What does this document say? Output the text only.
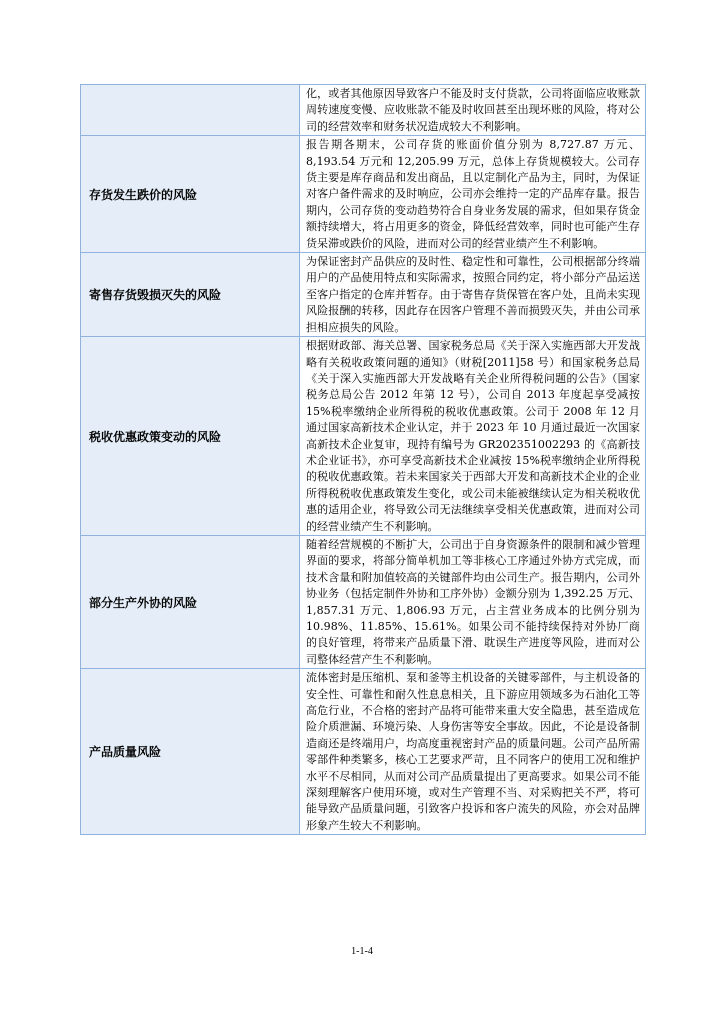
	化，或者其他原因导致客户不能及时支付货款，公司将面临应收账款周转速度变慢、应收账款不能及时收回甚至出现坏账的风险，将对公司的经营效率和财务状况造成较大不利影响。

存货发生跌价的风险	报告期各期末，公司存货的账面价值分别为 8,727.87 万元、8,193.54 万元和 12,205.99 万元，总体上存货规模较大。公司存货主要是库存商品和发出商品，且以定制化产品为主，同时，为保证对客户备件需求的及时响应，公司亦会维持一定的产品库存量。报告期内，公司存货的变动趋势符合自身业务发展的需求，但如果存货金额持续增大，将占用更多的资金，降低经营效率，同时也可能产生存货呆滞或跌价的风险，进而对公司的经营业绩产生不利影响。

寄售存货毁损灭失的风险	为保证密封产品供应的及时性、稳定性和可靠性，公司根据部分终端用户的产品使用特点和实际需求，按照合同约定，将小部分产品运送至客户指定的仓库并暂存。由于寄售存货保管在客户处，且尚未实现风险报酬的转移，因此存在因客户管理不善而损毁灭失，并由公司承担相应损失的风险。

税收优惠政策变动的风险	根据财政部、海关总署、国家税务总局《关于深入实施西部大开发战略有关税收政策问题的通知》（财税[2011]58 号）和国家税务总局《关于深入实施西部大开发战略有关企业所得税问题的公告》（国家税务总局公告 2012 年第 12 号），公司自 2013 年度起享受减按 15%税率缴纳企业所得税的税收优惠政策。公司于 2008 年 12 月通过国家高新技术企业认定，并于 2023 年 10 月通过最近一次国家高新技术企业复审，现持有编号为 GR202351002293 的《高新技术企业证书》，亦可享受高新技术企业减按 15%税率缴纳企业所得税的税收优惠政策。若未来国家关于西部大开发和高新技术企业的企业所得税税收优惠政策发生变化，或公司未能被继续认定为相关税收优惠的适用企业，将导致公司无法继续享受相关优惠政策，进而对公司的经营业绩产生不利影响。

部分生产外协的风险	随着经营规模的不断扩大，公司出于自身资源条件的限制和减少管理界面的要求，将部分简单机加工等非核心工序通过外协方式完成，而技术含量和附加值较高的关键部件均由公司生产。报告期内，公司外协业务（包括定制件外协和工序外协）金额分别为 1,392.25 万元、1,857.31 万元、1,806.93 万元，占主营业务成本的比例分别为 10.98%、11.85%、15.61%。如果公司不能持续保持对外协厂商的良好管理，将带来产品质量下滑、耽误生产进度等风险，进而对公司整体经营产生不利影响。

产品质量风险	流体密封是压缩机、泵和釜等主机设备的关键零部件，与主机设备的安全性、可靠性和耐久性息息相关，且下游应用领域多为石油化工等高危行业，不合格的密封产品将可能带来重大安全隐患，甚至造成危险介质泄漏、环境污染、人身伤害等安全事故。因此，不论是设备制造商还是终端用户，均高度重视密封产品的质量问题。公司产品所需零部件种类繁多，核心工艺要求严苛，且不同客户的使用工况和维护水平不尽相同，从而对公司产品质量提出了更高要求。如果公司不能深刻理解客户使用环境，或对生产管理不当、对采购把关不严，将可能导致产品质量问题，引致客户投诉和客户流失的风险，亦会对品牌形象产生较大不利影响。
1-1-4
